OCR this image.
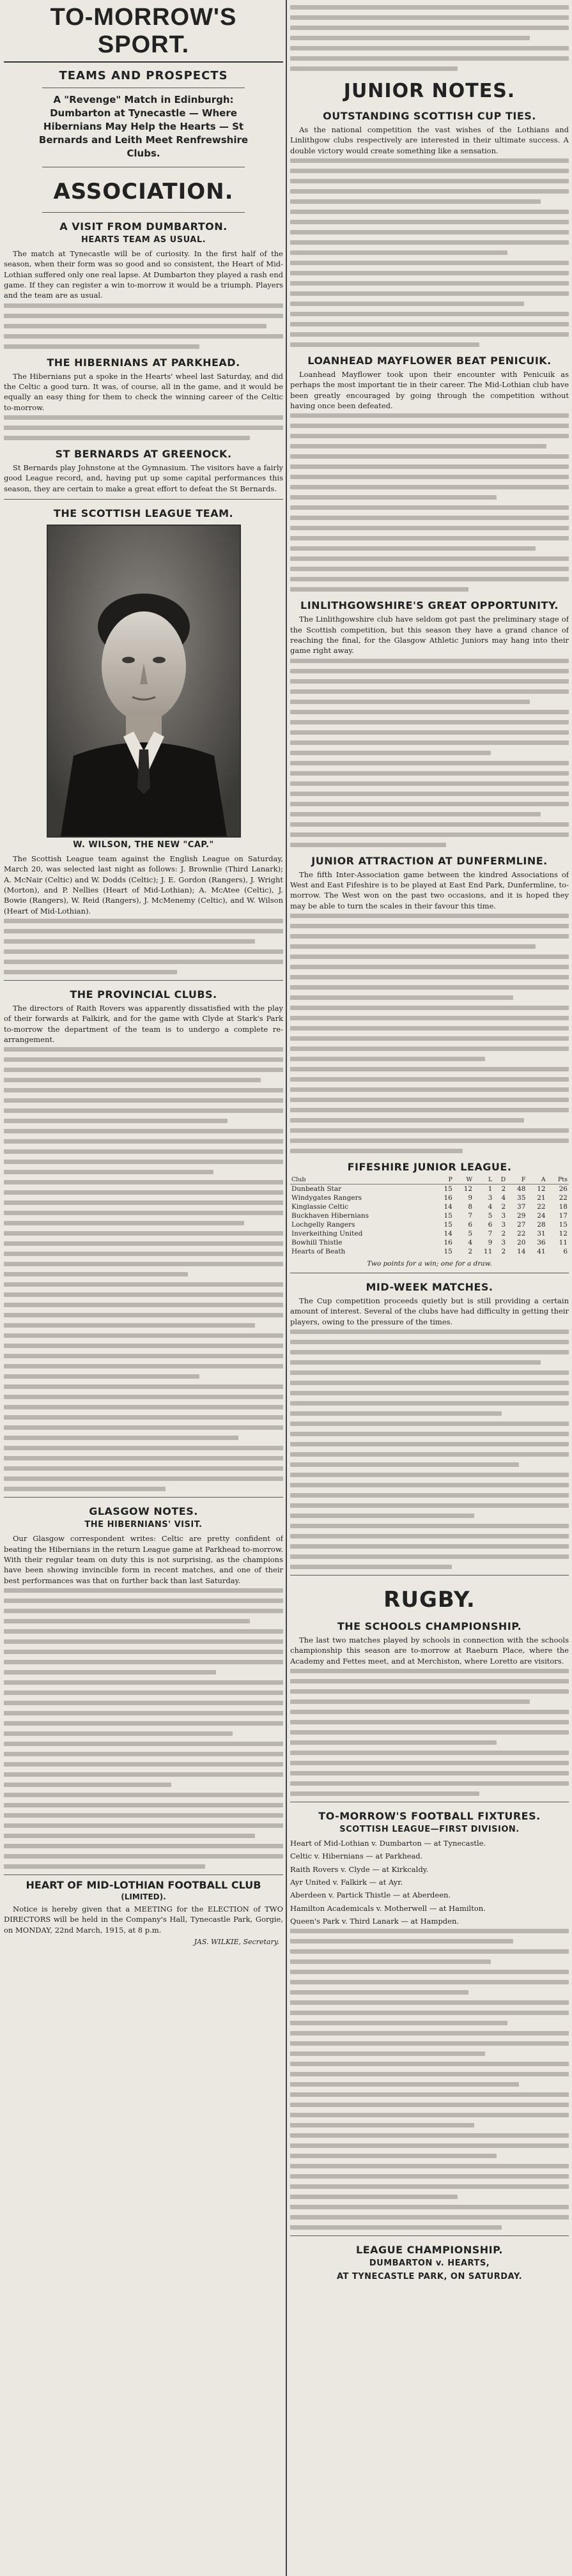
TO-MORROW'S SPORT.
TEAMS AND PROSPECTS
A "Revenge" Match in Edinburgh: Dumbarton at Tynecastle — Where Hibernians May Help the Hearts — St Bernards and Leith Meet Renfrewshire Clubs.
ASSOCIATION.
A VISIT FROM DUMBARTON.
HEARTS TEAM AS USUAL.

The match at Tynecastle will be of curiosity. In the first half of the season, when their form was so good and so consistent, the Heart of Mid-Lothian suffered only one real lapse. At Dumbarton they played a rash end game. If they can register a win to-morrow it would be a triumph. Players and the team are as usual.

THE HIBERNIANS AT PARKHEAD.

The Hibernians put a spoke in the Hearts' wheel last Saturday, and did the Celtic a good turn. It was, of course, all in the game, and it would be equally an easy thing for them to check the winning career of the Celtic to-morrow.

ST BERNARDS AT GREENOCK.

St Bernards play Johnstone at the Gymnasium. The visitors have a fairly good League record, and, having put up some capital performances this season, they are certain to make a great effort to defeat the St Bernards.

THE SCOTTISH LEAGUE TEAM.
W. WILSON, THE NEW "CAP."

The Scottish League team against the English League on Saturday, March 20, was selected last night as follows: J. Brownlie (Third Lanark); A. McNair (Celtic) and W. Dodds (Celtic); J. E. Gordon (Rangers), J. Wright (Morton), and P. Nellies (Heart of Mid-Lothian); A. McAtee (Celtic), J. Bowie (Rangers), W. Reid (Rangers), J. McMenemy (Celtic), and W. Wilson (Heart of Mid-Lothian).

THE PROVINCIAL CLUBS.

The directors of Raith Rovers was apparently dissatisfied with the play of their forwards at Falkirk, and for the game with Clyde at Stark's Park to-morrow the department of the team is to undergo a complete re-arrangement.

GLASGOW NOTES.
THE HIBERNIANS' VISIT.

Our Glasgow correspondent writes: Celtic are pretty confident of beating the Hibernians in the return League game at Parkhead to-morrow. With their regular team on duty this is not surprising, as the champions have been showing invincible form in recent matches, and one of their best performances was that on further back than last Saturday.

HEART OF MID-LOTHIAN FOOTBALL CLUB
(LIMITED).

Notice is hereby given that a MEETING for the ELECTION of TWO DIRECTORS will be held in the Company's Hall, Tynecastle Park, Gorgie, on MONDAY, 22nd March, 1915, at 8 p.m.

JAS. WILKIE, Secretary.
JUNIOR NOTES.
OUTSTANDING SCOTTISH CUP TIES.

As the national competition the vast wishes of the Lothians and Linlithgow clubs respectively are interested in their ultimate success. A double victory would create something like a sensation.

LOANHEAD MAYFLOWER BEAT PENICUIK.

Loanhead Mayflower took upon their encounter with Penicuik as perhaps the most important tie in their career. The Mid-Lothian club have been greatly encouraged by going through the competition without having once been defeated.

LINLITHGOWSHIRE'S GREAT OPPORTUNITY.

The Linlithgowshire club have seldom got past the preliminary stage of the Scottish competition, but this season they have a grand chance of reaching the final, for the Glasgow Athletic Juniors may hang into their game right away.

JUNIOR ATTRACTION AT DUNFERMLINE.

The fifth Inter-Association game between the kindred Associations of West and East Fifeshire is to be played at East End Park, Dunfermline, to-morrow. The West won on the past two occasions, and it is hoped they may be able to turn the scales in their favour this time.

FIFESHIRE JUNIOR LEAGUE.
Club	P	W	L	D	F	A	Pts
Dunbeath Star	15	12	1	2	48	12	26
Windygates Rangers	16	9	3	4	35	21	22
Kinglassie Celtic	14	8	4	2	37	22	18
Buckhaven Hibernians	15	7	5	3	29	24	17
Lochgelly Rangers	15	6	6	3	27	28	15
Inverkeithing United	14	5	7	2	22	31	12
Bowhill Thistle	16	4	9	3	20	36	11
Hearts of Beath	15	2	11	2	14	41	6
Two points for a win; one for a draw.
MID-WEEK MATCHES.

The Cup competition proceeds quietly but is still providing a certain amount of interest. Several of the clubs have had difficulty in getting their players, owing to the pressure of the times.

RUGBY.
THE SCHOOLS CHAMPIONSHIP.

The last two matches played by schools in connection with the schools championship this season are to-morrow at Raeburn Place, where the Academy and Fettes meet, and at Merchiston, where Loretto are visitors.

TO-MORROW'S FOOTBALL FIXTURES.
SCOTTISH LEAGUE—FIRST DIVISION.

Heart of Mid-Lothian v. Dumbarton — at Tynecastle.

Celtic v. Hibernians — at Parkhead.

Raith Rovers v. Clyde — at Kirkcaldy.

Ayr United v. Falkirk — at Ayr.

Aberdeen v. Partick Thistle — at Aberdeen.

Hamilton Academicals v. Motherwell — at Hamilton.

Queen's Park v. Third Lanark — at Hampden.

LEAGUE CHAMPIONSHIP.
DUMBARTON v. HEARTS,
AT TYNECASTLE PARK, ON SATURDAY.
